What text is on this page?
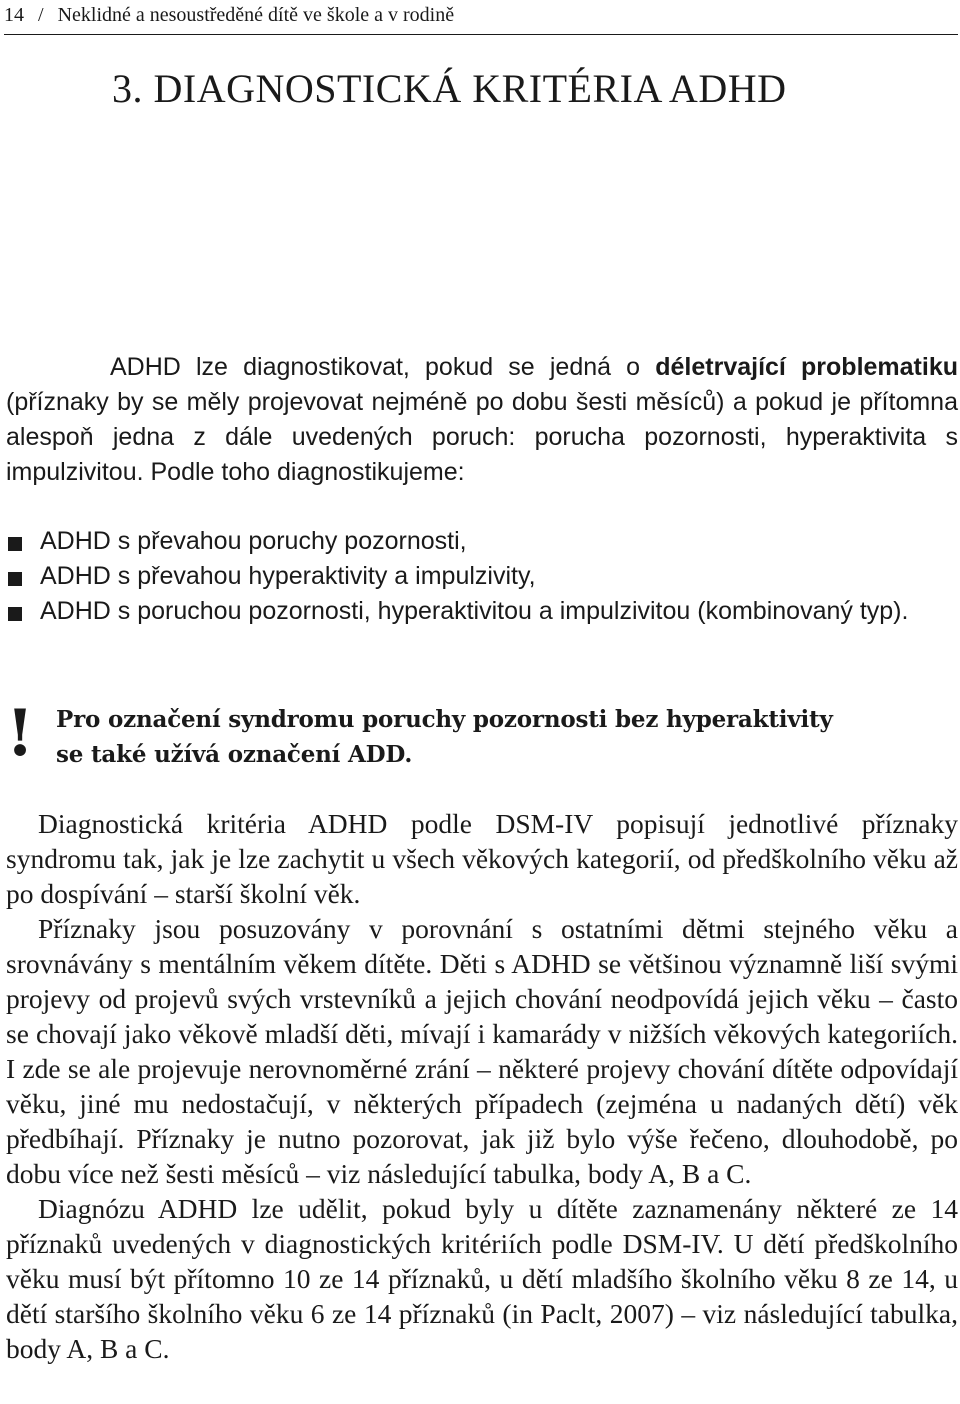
14 / Neklidné a nesoustředěné dítě ve škole a v rodině
3. DIAGNOSTICKÁ KRITÉRIA ADHD

ADHD lze diagnostikovat, pokud se jedná o déletrvající problematiku (příznaky by se měly projevovat nejméně po dobu šesti měsíců) a pokud je přítomna alespoň jedna z dále uvedených poruch: porucha pozornosti, hyperaktivita s impulzivitou. Podle toho diagnostikujeme:

ADHD s převahou poruchy pozornosti,
ADHD s převahou hyperaktivity a impulzivity,
ADHD s poruchou pozornosti, hyperaktivitou a impulzivitou (kombinovaný typ).
! Pro označení syndromu poruchy pozornosti bez hyperaktivity
se také užívá označení ADD.

Diagnostická kritéria ADHD podle DSM-IV popisují jednotlivé příznaky syndromu tak, jak je lze zachytit u všech věkových kategorií, od předškolního věku až po dospívání – starší školní věk.

Příznaky jsou posuzovány v porovnání s ostatními dětmi stejného věku a srovnávány s mentálním věkem dítěte. Děti s ADHD se většinou významně liší svými projevy od projevů svých vrstevníků a jejich chování neodpovídá jejich věku – často se chovají jako věkově mladší děti, mívají i kamarády v nižších věkových kategoriích. I zde se ale projevuje nerovnoměrné zrání – některé projevy chování dítěte odpovídají věku, jiné mu nedostačují, v některých případech (zejména u nadaných dětí) věk předbíhají. Příznaky je nutno pozorovat, jak již bylo výše řečeno, dlouhodobě, po dobu více než šesti měsíců – viz následující tabulka, body A, B a C.

Diagnózu ADHD lze udělit, pokud byly u dítěte zaznamenány některé ze 14 příznaků uvedených v diagnostických kritériích podle DSM-IV. U dětí předškolního věku musí být přítomno 10 ze 14 příznaků, u dětí mladšího školního věku 8 ze 14, u dětí staršího školního věku 6 ze 14 příznaků (in Paclt, 2007) – viz následující tabulka, body A, B a C.
